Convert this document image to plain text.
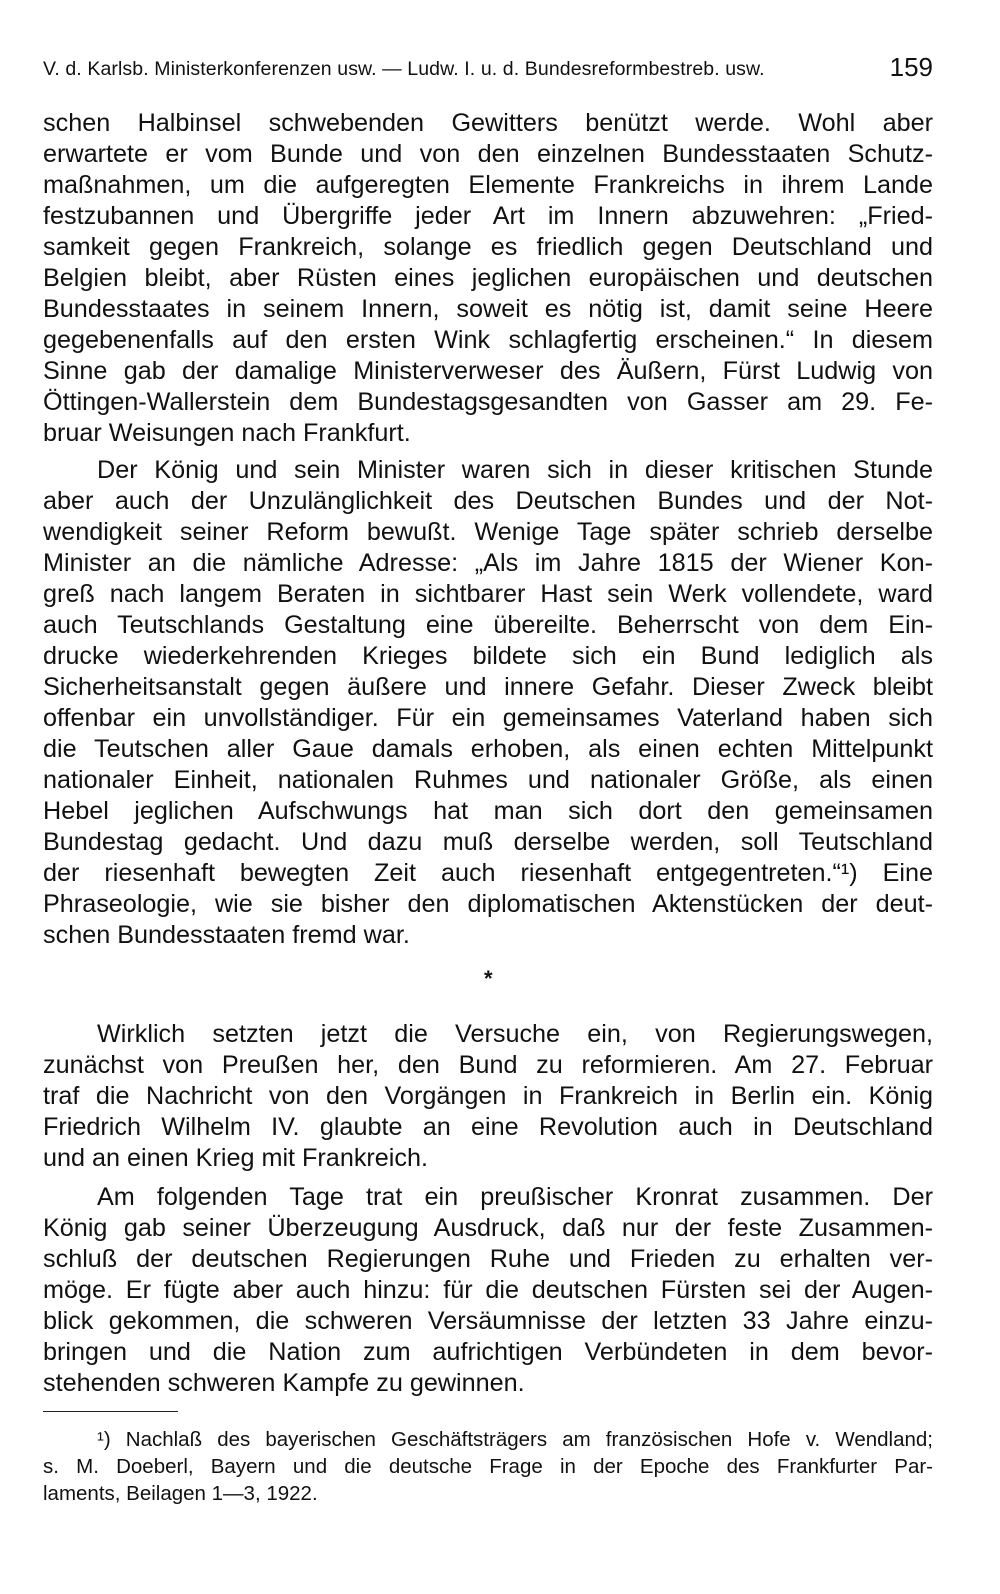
V. d. Karlsb. Ministerkonferenzen usw. — Ludw. I. u. d. Bundesreformbestreb. usw.	159
schen Halbinsel schwebenden Gewitters benützt werde. Wohl aber
erwartete er vom Bunde und von den einzelnen Bundesstaaten Schutz-
maßnahmen, um die aufgeregten Elemente Frankreichs in ihrem Lande
festzubannen und Übergriffe jeder Art im Innern abzuwehren: „Fried-
samkeit gegen Frankreich, solange es friedlich gegen Deutschland und
Belgien bleibt, aber Rüsten eines jeglichen europäischen und deutschen
Bundesstaates in seinem Innern, soweit es nötig ist, damit seine Heere
gegebenenfalls auf den ersten Wink schlagfertig erscheinen.“ In diesem
Sinne gab der damalige Ministerverweser des Äußern, Fürst Ludwig von
Öttingen-Wallerstein dem Bundestagsgesandten von Gasser am 29. Fe-
bruar Weisungen nach Frankfurt.
Der König und sein Minister waren sich in dieser kritischen Stunde
aber auch der Unzulänglichkeit des Deutschen Bundes und der Not-
wendigkeit seiner Reform bewußt. Wenige Tage später schrieb derselbe
Minister an die nämliche Adresse: „Als im Jahre 1815 der Wiener Kon-
greß nach langem Beraten in sichtbarer Hast sein Werk vollendete, ward
auch Teutschlands Gestaltung eine übereilte. Beherrscht von dem Ein-
drucke wiederkehrenden Krieges bildete sich ein Bund lediglich als
Sicherheitsanstalt gegen äußere und innere Gefahr. Dieser Zweck bleibt
offenbar ein unvollständiger. Für ein gemeinsames Vaterland haben sich
die Teutschen aller Gaue damals erhoben, als einen echten Mittelpunkt
nationaler Einheit, nationalen Ruhmes und nationaler Größe, als einen
Hebel jeglichen Aufschwungs hat man sich dort den gemeinsamen
Bundestag gedacht. Und dazu muß derselbe werden, soll Teutschland
der riesenhaft bewegten Zeit auch riesenhaft entgegentreten.“¹) Eine
Phraseologie, wie sie bisher den diplomatischen Aktenstücken der deut-
schen Bundesstaaten fremd war.
*
Wirklich setzten jetzt die Versuche ein, von Regierungswegen,
zunächst von Preußen her, den Bund zu reformieren. Am 27. Februar
traf die Nachricht von den Vorgängen in Frankreich in Berlin ein. König
Friedrich Wilhelm IV. glaubte an eine Revolution auch in Deutschland
und an einen Krieg mit Frankreich.
Am folgenden Tage trat ein preußischer Kronrat zusammen. Der
König gab seiner Überzeugung Ausdruck, daß nur der feste Zusammen-
schluß der deutschen Regierungen Ruhe und Frieden zu erhalten ver-
möge. Er fügte aber auch hinzu: für die deutschen Fürsten sei der Augen-
blick gekommen, die schweren Versäumnisse der letzten 33 Jahre einzu-
bringen und die Nation zum aufrichtigen Verbündeten in dem bevor-
stehenden schweren Kampfe zu gewinnen.
¹) Nachlaß des bayerischen Geschäftsträgers am französischen Hofe v. Wendland;
s. M. Doeberl, Bayern und die deutsche Frage in der Epoche des Frankfurter Par-
laments, Beilagen 1—3, 1922.
